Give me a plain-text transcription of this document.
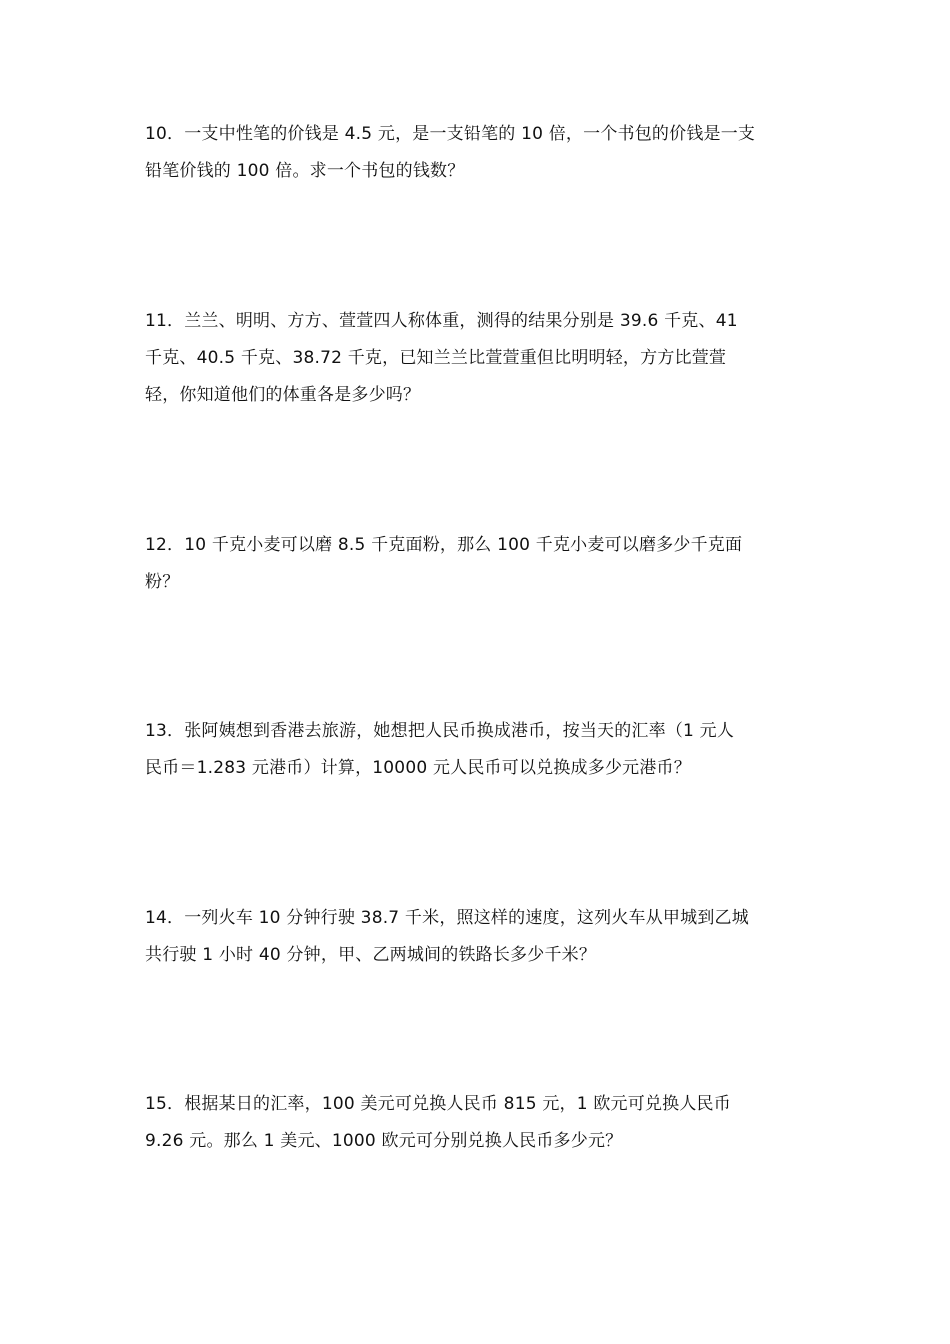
10．一支中性笔的价钱是 4.5 元，是一支铅笔的 10 倍，一个书包的价钱是一支
铅笔价钱的 100 倍。求一个书包的钱数？
11．兰兰、明明、方方、萱萱四人称体重，测得的结果分别是 39.6 千克、41
千克、40.5 千克、38.72 千克，已知兰兰比萱萱重但比明明轻，方方比萱萱
轻，你知道他们的体重各是多少吗？
12．10 千克小麦可以磨 8.5 千克面粉，那么 100 千克小麦可以磨多少千克面
粉？
13．张阿姨想到香港去旅游，她想把人民币换成港币，按当天的汇率（1 元人
民币＝1.283 元港币）计算，10000 元人民币可以兑换成多少元港币？
14．一列火车 10 分钟行驶 38.7 千米，照这样的速度，这列火车从甲城到乙城
共行驶 1 小时 40 分钟，甲、乙两城间的铁路长多少千米？
15．根据某日的汇率，100 美元可兑换人民币 815 元，1 欧元可兑换人民币
9.26 元。那么 1 美元、1000 欧元可分别兑换人民币多少元？
